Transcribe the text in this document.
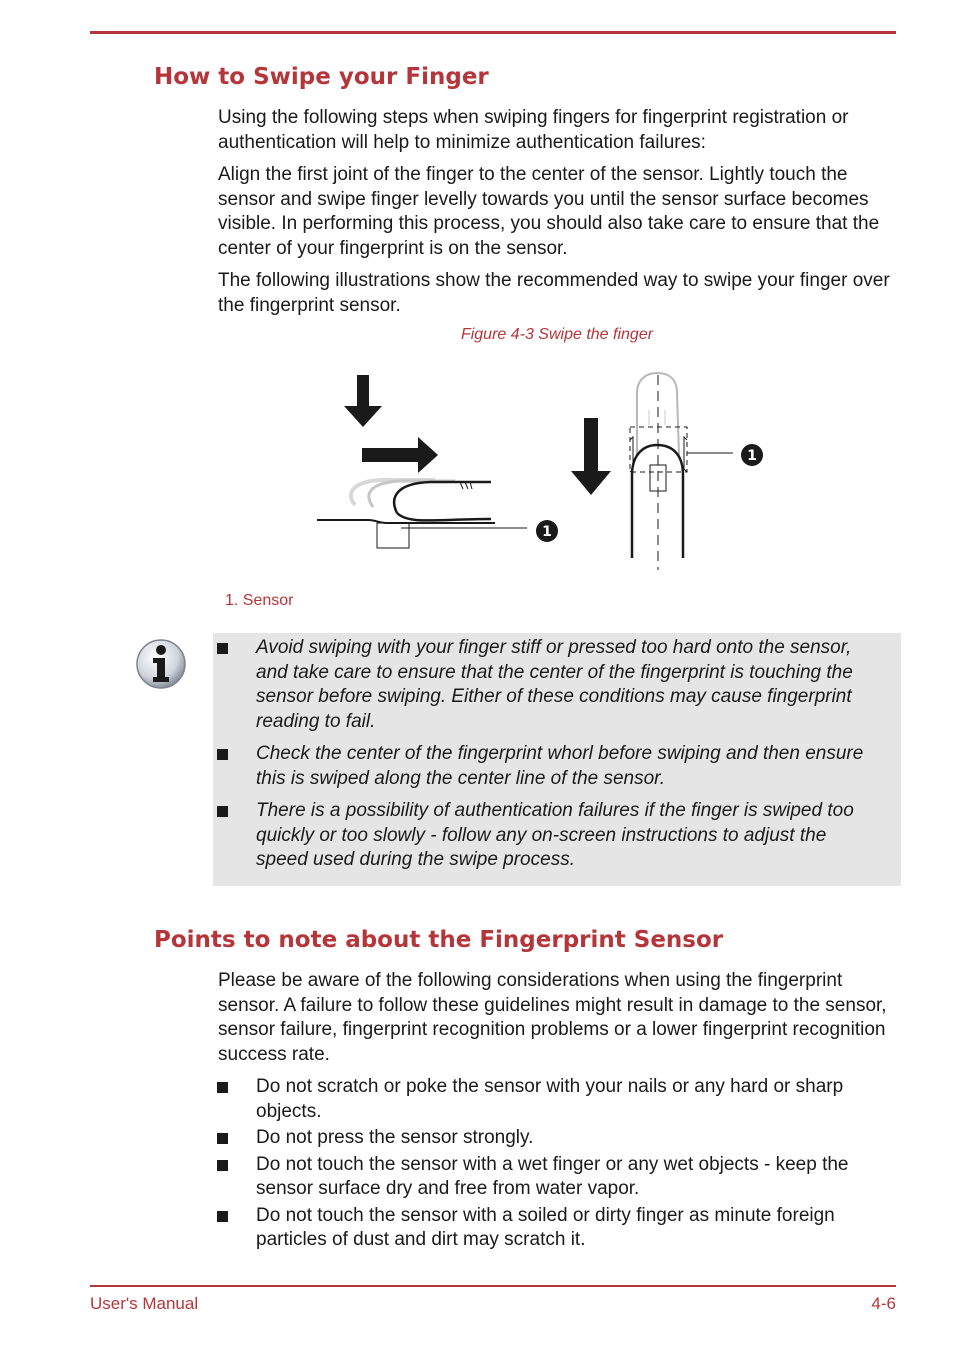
How to Swipe your Finger

Using the following steps when swiping fingers for fingerprint registration or authentication will help to minimize authentication failures:

Align the first joint of the finger to the center of the sensor. Lightly touch the sensor and swipe finger levelly towards you until the sensor surface becomes visible. In performing this process, you should also take care to ensure that the center of your fingerprint is on the sensor.

The following illustrations show the recommended way to swipe your finger over the fingerprint sensor.

Figure 4-3 Swipe the finger
1
1
1. Sensor
Avoid swiping with your finger stiff or pressed too hard onto the sensor, and take care to ensure that the center of the fingerprint is touching the sensor before swiping. Either of these conditions may cause fingerprint reading to fail.
Check the center of the fingerprint whorl before swiping and then ensure this is swiped along the center line of the sensor.
There is a possibility of authentication failures if the finger is swiped too quickly or too slowly - follow any on-screen instructions to adjust the speed used during the swipe process.
Points to note about the Fingerprint Sensor

Please be aware of the following considerations when using the fingerprint sensor. A failure to follow these guidelines might result in damage to the sensor, sensor failure, fingerprint recognition problems or a lower fingerprint recognition success rate.

Do not scratch or poke the sensor with your nails or any hard or sharp objects.
Do not press the sensor strongly.
Do not touch the sensor with a wet finger or any wet objects - keep the sensor surface dry and free from water vapor.
Do not touch the sensor with a soiled or dirty finger as minute foreign particles of dust and dirt may scratch it.
User's Manual	4-6
